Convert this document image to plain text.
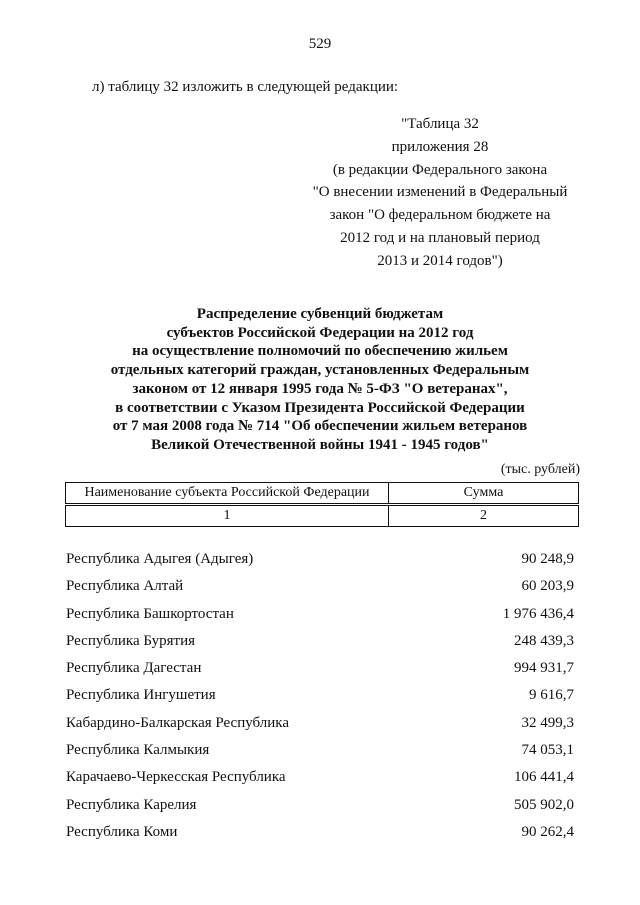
529
л) таблицу 32 изложить в следующей редакции:
"Таблица 32
приложения 28
(в редакции Федерального закона
"О внесении изменений в Федеральный
закон "О федеральном бюджете на
2012 год и на плановый период
2013 и 2014 годов")
Распределение субвенций бюджетам
субъектов Российской Федерации на 2012 год
на осуществление полномочий по обеспечению жильем
отдельных категорий граждан, установленных Федеральным
законом от 12 января 1995 года № 5-ФЗ "О ветеранах",
в соответствии с Указом Президента Российской Федерации
от 7 мая 2008 года № 714 "Об обеспечении жильем ветеранов
Великой Отечественной войны 1941 - 1945 годов"
(тыс. рублей)
Наименование субъекта Российской Федерации	Сумма
1	2
Республика Адыгея (Адыгея)	90 248,9
Республика Алтай	60 203,9
Республика Башкортостан	1 976 436,4
Республика Бурятия	248 439,3
Республика Дагестан	994 931,7
Республика Ингушетия	9 616,7
Кабардино-Балкарская Республика	32 499,3
Республика Калмыкия	74 053,1
Карачаево-Черкесская Республика	106 441,4
Республика Карелия	505 902,0
Республика Коми	90 262,4
